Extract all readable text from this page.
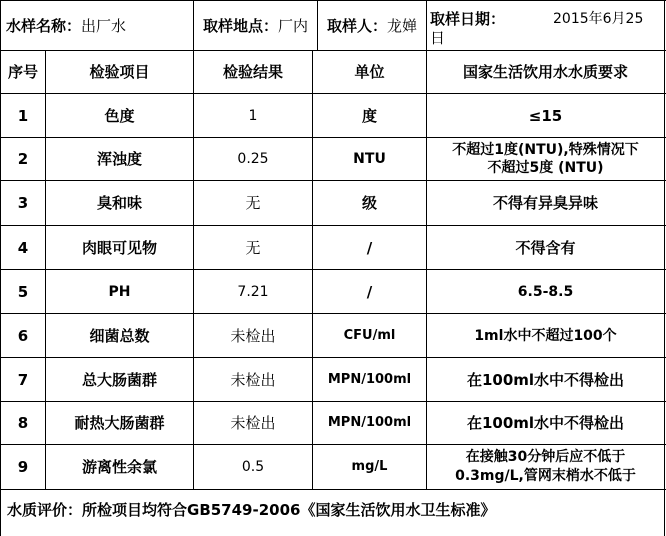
水样名称： 出厂水	取样地点： 厂内 取样人： 龙婵 取样日期：	2015年6月25
日
序号	检验项目	检验结果	单位	国家生活饮用水水质要求
1	色度	1	度	≤15
2	浑浊度	0.25	NTU
不超过1度(NTU),特殊情况下
不超过5度 (NTU)
3	臭和味	无	级	不得有异臭异味
4	肉眼可见物	无	/	不得含有
5	PH	7.21	/	6.5-8.5
6	细菌总数	未检出	CFU/ml	1ml水中不超过100个
7	总大肠菌群	未检出	MPN/100ml	在100ml水中不得检出
8	耐热大肠菌群	未检出	MPN/100ml	在100ml水中不得检出
9	游离性余氯	0.5	mg/L
在接触30分钟后应不低于
0.3mg/L,管网末梢水不低于
水质评价：所检项目均符合GB5749-2006《国家生活饮用水卫生标准》
